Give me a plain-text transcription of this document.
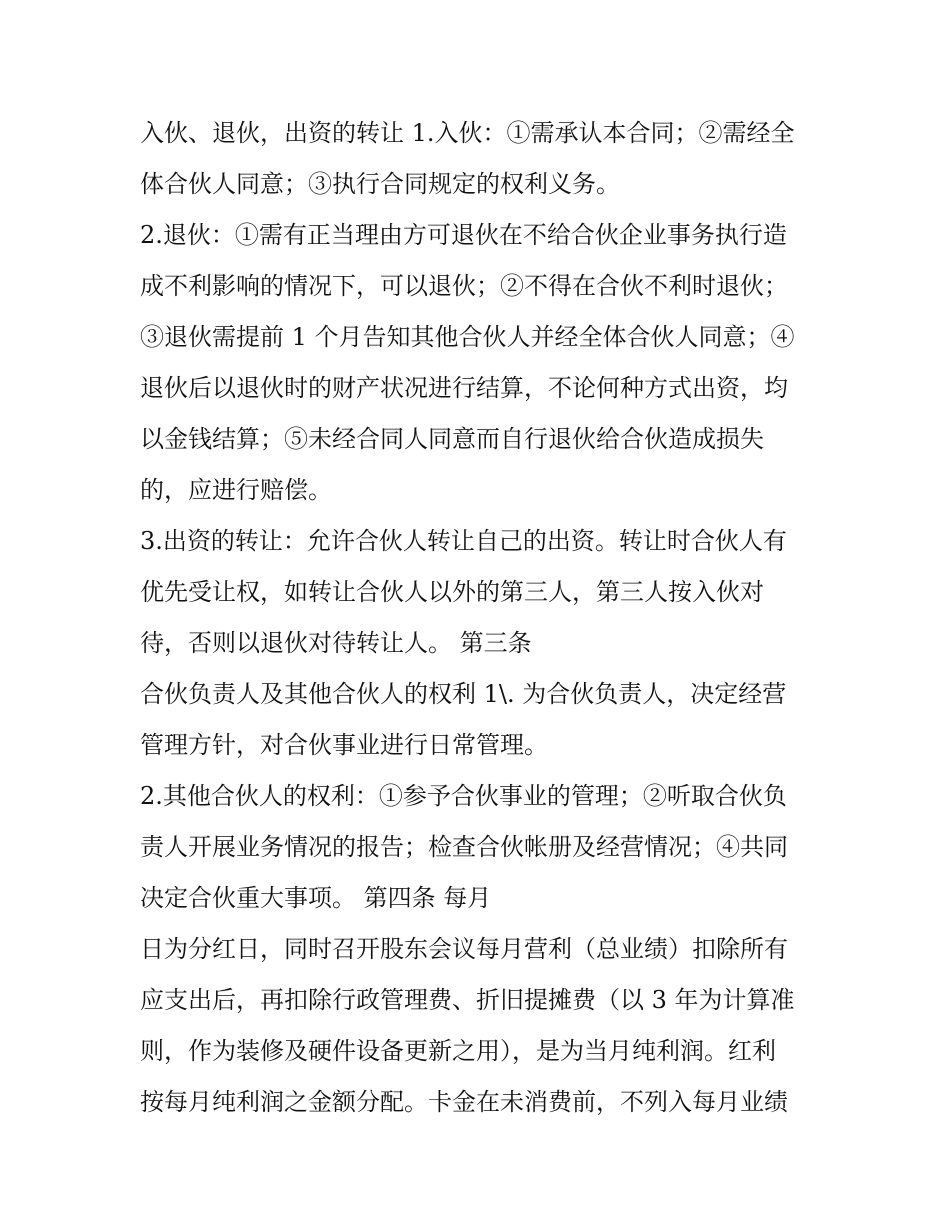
入伙、退伙，出资的转让 1.入伙：①需承认本合同；②需经全
体合伙人同意；③执行合同规定的权利义务。
2.退伙：①需有正当理由方可退伙在不给合伙企业事务执行造
成不利影响的情况下，可以退伙；②不得在合伙不利时退伙；
③退伙需提前 1 个月告知其他合伙人并经全体合伙人同意；④
退伙后以退伙时的财产状况进行结算，不论何种方式出资，均
以金钱结算；⑤未经合同人同意而自行退伙给合伙造成损失
的，应进行赔偿。
3.出资的转让：允许合伙人转让自己的出资。转让时合伙人有
优先受让权，如转让合伙人以外的第三人，第三人按入伙对
待，否则以退伙对待转让人。 第三条
合伙负责人及其他合伙人的权利 1\. 为合伙负责人，决定经营
管理方针，对合伙事业进行日常管理。
2.其他合伙人的权利：①参予合伙事业的管理；②听取合伙负
责人开展业务情况的报告；检查合伙帐册及经营情况；④共同
决定合伙重大事项。 第四条 每月
日为分红日，同时召开股东会议每月营利（总业绩）扣除所有
应支出后，再扣除行政管理费、折旧提摊费（以 3 年为计算准
则，作为装修及硬件设备更新之用），是为当月纯利润。红利
按每月纯利润之金额分配。卡金在未消费前，不列入每月业绩
